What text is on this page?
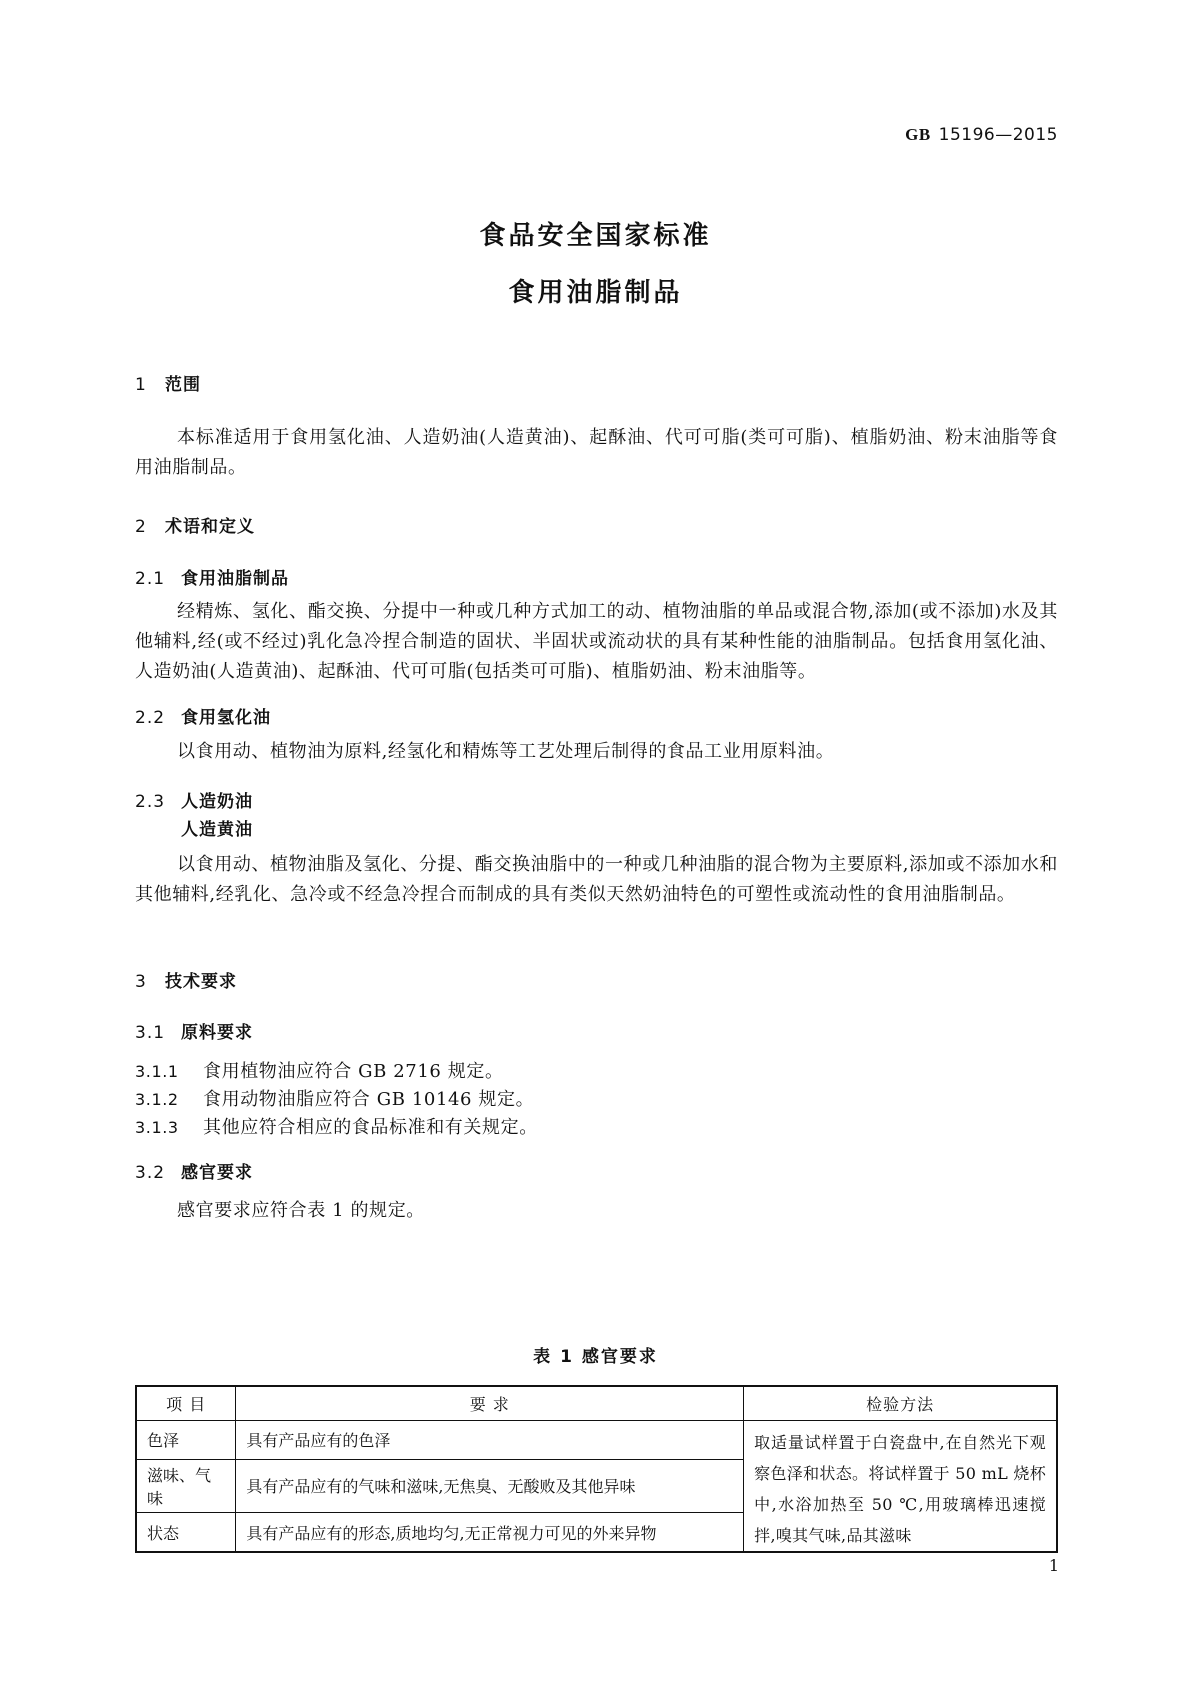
GB 15196—2015
食品安全国家标准
食用油脂制品
1 范围

本标准适用于食用氢化油、人造奶油(人造黄油)、起酥油、代可可脂(类可可脂)、植脂奶油、粉末油脂等食用油脂制品。

2 术语和定义
2.1 食用油脂制品

经精炼、氢化、酯交换、分提中一种或几种方式加工的动、植物油脂的单品或混合物,添加(或不添加)水及其他辅料,经(或不经过)乳化急冷捏合制造的固状、半固状或流动状的具有某种性能的油脂制品。包括食用氢化油、人造奶油(人造黄油)、起酥油、代可可脂(包括类可可脂)、植脂奶油、粉末油脂等。

2.2 食用氢化油

以食用动、植物油为原料,经氢化和精炼等工艺处理后制得的食品工业用原料油。

2.3 人造奶油
人造黄油

以食用动、植物油脂及氢化、分提、酯交换油脂中的一种或几种油脂的混合物为主要原料,添加或不添加水和其他辅料,经乳化、急冷或不经急冷捏合而制成的具有类似天然奶油特色的可塑性或流动性的食用油脂制品。

3 技术要求
3.1 原料要求
3.1.1 食用植物油应符合 GB 2716 规定。
3.1.2 食用动物油脂应符合 GB 10146 规定。
3.1.3 其他应符合相应的食品标准和有关规定。
3.2 感官要求

感官要求应符合表 1 的规定。

表 1 感官要求
项 目	要 求	检验方法
色泽	具有产品应有的色泽	取适量试样置于白瓷盘中,在自然光下观察色泽和状态。将试样置于 50 mL 烧杯中,水浴加热至 50 ℃,用玻璃棒迅速搅拌,嗅其气味,品其滋味
滋味、气味	具有产品应有的气味和滋味,无焦臭、无酸败及其他异味	
状态	具有产品应有的形态,质地均匀,无正常视力可见的外来异物	
1
